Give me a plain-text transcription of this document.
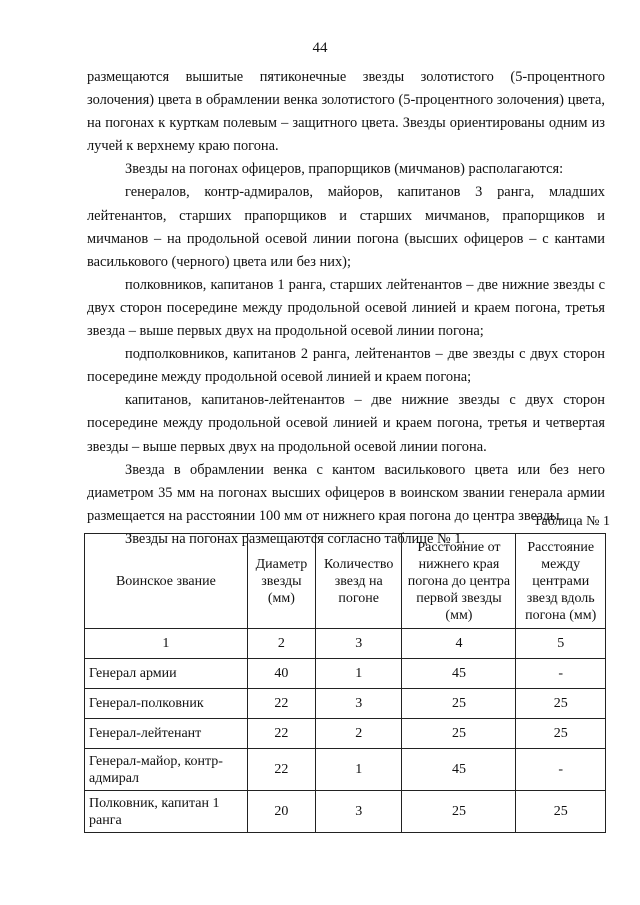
44

размещаются вышитые пятиконечные звезды золотистого (5-процентного золочения) цвета в обрамлении венка золотистого (5-процентного золочения) цвета, на погонах к курткам полевым – защитного цвета. Звезды ориентированы одним из лучей к верхнему краю погона.

Звезды на погонах офицеров, прапорщиков (мичманов) располагаются:

генералов, контр-адмиралов, майоров, капитанов 3 ранга, младших лейтенантов, старших прапорщиков и старших мичманов, прапорщиков и мичманов – на продольной осевой линии погона (высших офицеров – с кантами василькового (черного) цвета или без них);

полковников, капитанов 1 ранга, старших лейтенантов – две нижние звезды с двух сторон посередине между продольной осевой линией и краем погона, третья звезда – выше первых двух на продольной осевой линии погона;

подполковников, капитанов 2 ранга, лейтенантов – две звезды с двух сторон посередине между продольной осевой линией и краем погона;

капитанов, капитанов-лейтенантов – две нижние звезды с двух сторон посередине между продольной осевой линией и краем погона, третья и четвертая звезды – выше первых двух на продольной осевой линии погона.

Звезда в обрамлении венка с кантом василькового цвета или без него диаметром 35 мм на погонах высших офицеров в воинском звании генерала армии размещается на расстоянии 100 мм от нижнего края погона до центра звезды.

Звезды на погонах размещаются согласно таблице № 1.

Таблица № 1
Воинское звание	Диаметр звезды (мм)	Количество звезд на погоне	Расстояние от нижнего края погона до центра первой звезды (мм)	Расстояние между центрами звезд вдоль погона (мм)
1	2	3	4	5
Генерал армии	40	1	45	-
Генерал-полковник	22	3	25	25
Генерал-лейтенант	22	2	25	25
Генерал-майор, контр-адмирал	22	1	45	-
Полковник, капитан 1 ранга	20	3	25	25
